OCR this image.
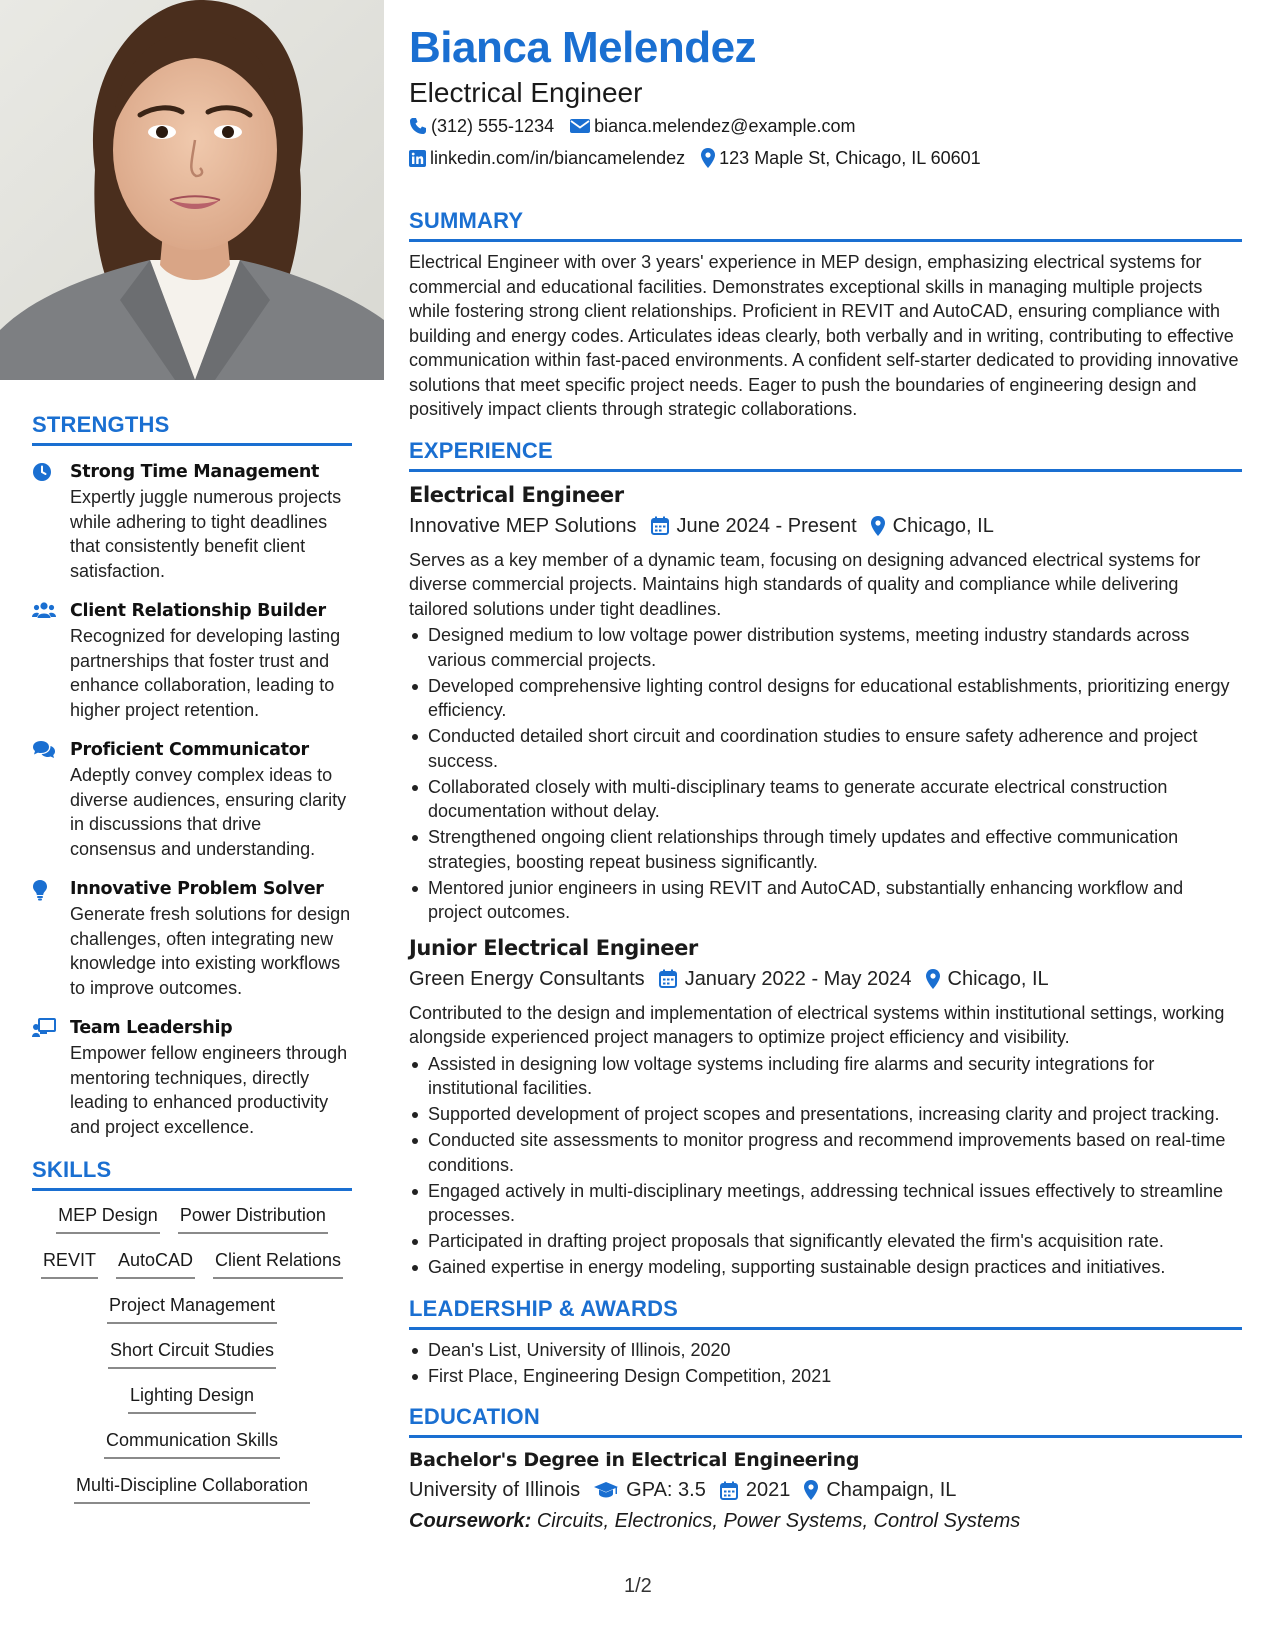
STRENGTHS
Strong Time Management
Expertly juggle numerous projects while adhering to tight deadlines that consistently benefit client satisfaction.
Client Relationship Builder
Recognized for developing lasting partnerships that foster trust and enhance collaboration, leading to higher project retention.
Proficient Communicator
Adeptly convey complex ideas to diverse audiences, ensuring clarity in discussions that drive consensus and understanding.
Innovative Problem Solver
Generate fresh solutions for design challenges, often integrating new knowledge into existing workflows to improve outcomes.
Team Leadership
Empower fellow engineers through mentoring techniques, directly leading to enhanced productivity and project excellence.
SKILLS
MEP Design Power Distribution
REVIT AutoCAD Client Relations
Project Management
Short Circuit Studies
Lighting Design
Communication Skills
Multi-Discipline Collaboration
Bianca Melendez
Electrical Engineer
(312) 555-1234 bianca.melendez@example.com
linkedin.com/in/biancamelendez 123 Maple St, Chicago, IL 60601
SUMMARY
Electrical Engineer with over 3 years' experience in MEP design, emphasizing electrical systems for commercial and educational facilities. Demonstrates exceptional skills in managing multiple projects while fostering strong client relationships. Proficient in REVIT and AutoCAD, ensuring compliance with building and energy codes. Articulates ideas clearly, both verbally and in writing, contributing to effective communication within fast-paced environments. A confident self-starter dedicated to providing innovative solutions that meet specific project needs. Eager to push the boundaries of engineering design and positively impact clients through strategic collaborations.
EXPERIENCE
Electrical Engineer
Innovative MEP Solutions June 2024 - Present Chicago, IL
Serves as a key member of a dynamic team, focusing on designing advanced electrical systems for diverse commercial projects. Maintains high standards of quality and compliance while delivering tailored solutions under tight deadlines.
Designed medium to low voltage power distribution systems, meeting industry standards across various commercial projects.
Developed comprehensive lighting control designs for educational establishments, prioritizing energy efficiency.
Conducted detailed short circuit and coordination studies to ensure safety adherence and project success.
Collaborated closely with multi-disciplinary teams to generate accurate electrical construction documentation without delay.
Strengthened ongoing client relationships through timely updates and effective communication strategies, boosting repeat business significantly.
Mentored junior engineers in using REVIT and AutoCAD, substantially enhancing workflow and project outcomes.
Junior Electrical Engineer
Green Energy Consultants January 2022 - May 2024 Chicago, IL
Contributed to the design and implementation of electrical systems within institutional settings, working alongside experienced project managers to optimize project efficiency and visibility.
Assisted in designing low voltage systems including fire alarms and security integrations for institutional facilities.
Supported development of project scopes and presentations, increasing clarity and project tracking.
Conducted site assessments to monitor progress and recommend improvements based on real-time conditions.
Engaged actively in multi-disciplinary meetings, addressing technical issues effectively to streamline processes.
Participated in drafting project proposals that significantly elevated the firm's acquisition rate.
Gained expertise in energy modeling, supporting sustainable design practices and initiatives.
LEADERSHIP & AWARDS
Dean's List, University of Illinois, 2020
First Place, Engineering Design Competition, 2021
EDUCATION
Bachelor's Degree in Electrical Engineering
University of Illinois GPA: 3.5 2021 Champaign, IL
Coursework: Circuits, Electronics, Power Systems, Control Systems
1/2
